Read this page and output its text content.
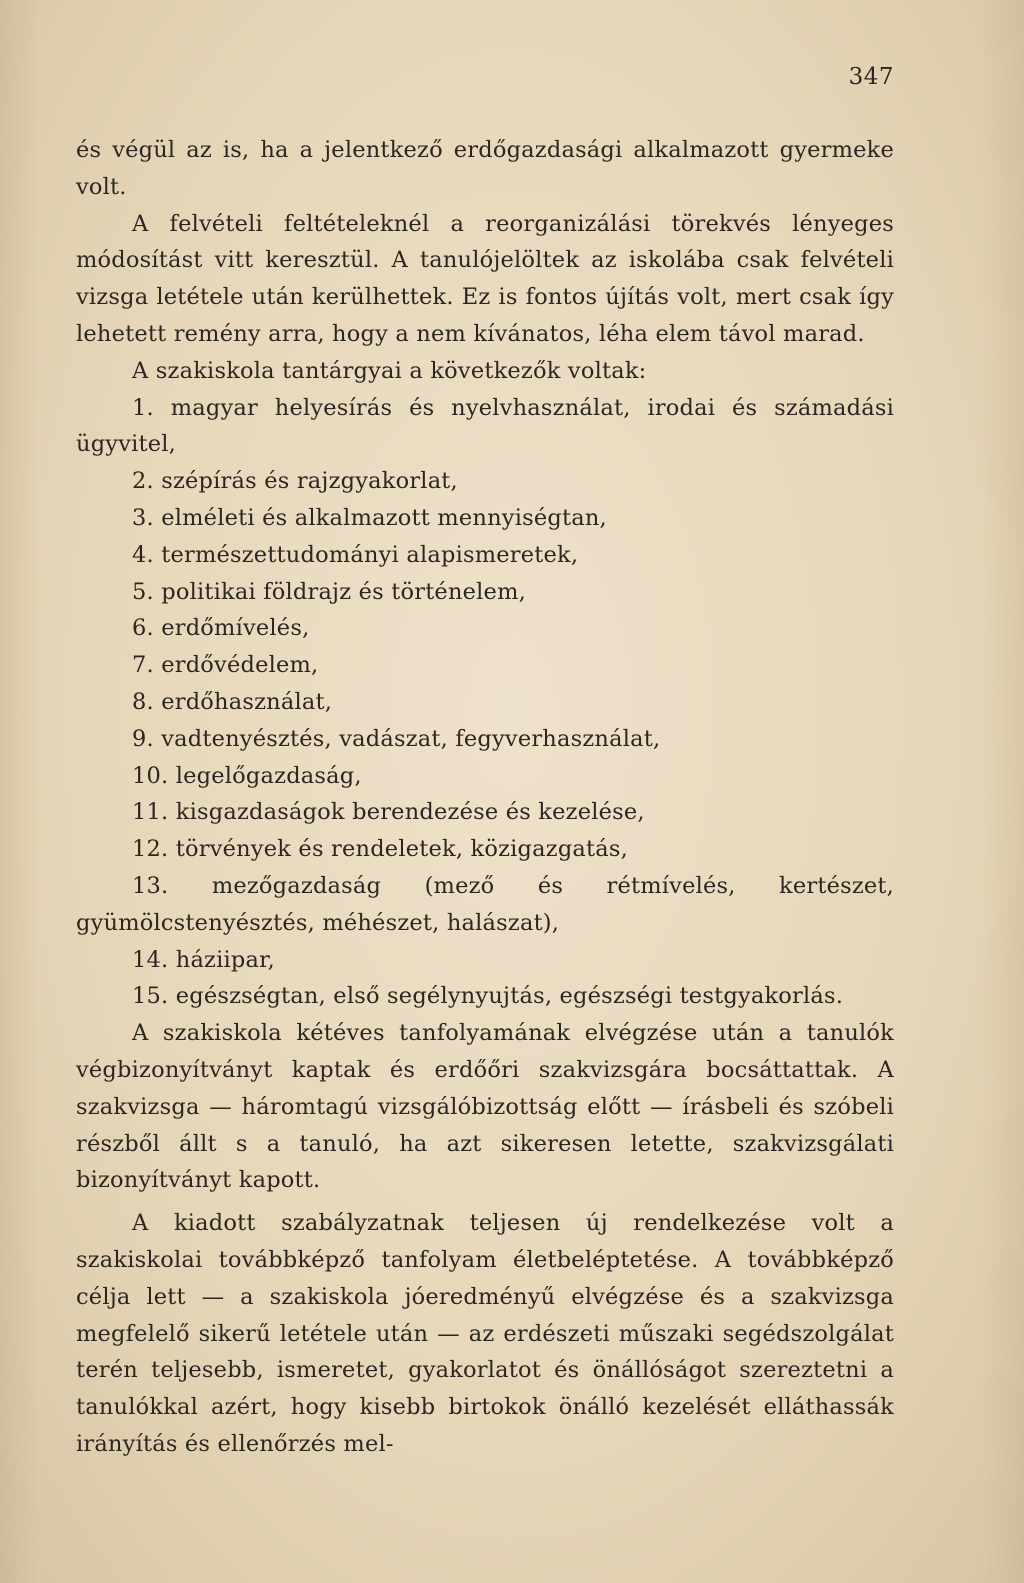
347

és végül az is, ha a jelentkező erdőgazdasági alkalmazott gyermeke volt.

A felvételi feltételeknél a reorganizálási törekvés lényeges módosítást vitt keresztül. A tanulójelöltek az iskolába csak felvételi vizsga letétele után kerülhettek. Ez is fontos újítás volt, mert csak így lehetett remény arra, hogy a nem kívánatos, léha elem távol marad.

A szakiskola tantárgyai a következők voltak:

1. magyar helyesírás és nyelvhasználat, irodai és számadási ügyvitel,
2. szépírás és rajzgyakorlat,
3. elméleti és alkalmazott mennyiségtan,
4. természettudományi alapismeretek,
5. politikai földrajz és történelem,
6. erdőmívelés,
7. erdővédelem,
8. erdőhasználat,
9. vadtenyésztés, vadászat, fegyverhasználat,
10. legelőgazdaság,
11. kisgazdaságok berendezése és kezelése,
12. törvények és rendeletek, közigazgatás,
13. mezőgazdaság (mező és rétmívelés, kertészet, gyümölcstenyésztés, méhészet, halászat),
14. háziipar,
15. egészségtan, első segélynyujtás, egészségi testgyakorlás.

A szakiskola kétéves tanfolyamának elvégzése után a tanulók végbizonyítványt kaptak és erdőőri szakvizsgára bocsáttattak. A szakvizsga — háromtagú vizsgálóbizottság előtt — írásbeli és szóbeli részből állt s a tanuló, ha azt sikeresen letette, szakvizsgálati bizonyítványt kapott.

A kiadott szabályzatnak teljesen új rendelkezése volt a szakiskolai továbbképző tanfolyam életbeléptetése. A továbbképző célja lett — a szakiskola jóeredményű elvégzése és a szakvizsga megfelelő sikerű letétele után — az erdészeti műszaki segédszolgálat terén teljesebb, ismeretet, gyakorlatot és önállóságot szereztetni a tanulókkal azért, hogy kisebb birtokok önálló kezelését elláthassák irányítás és ellenőrzés mel-
